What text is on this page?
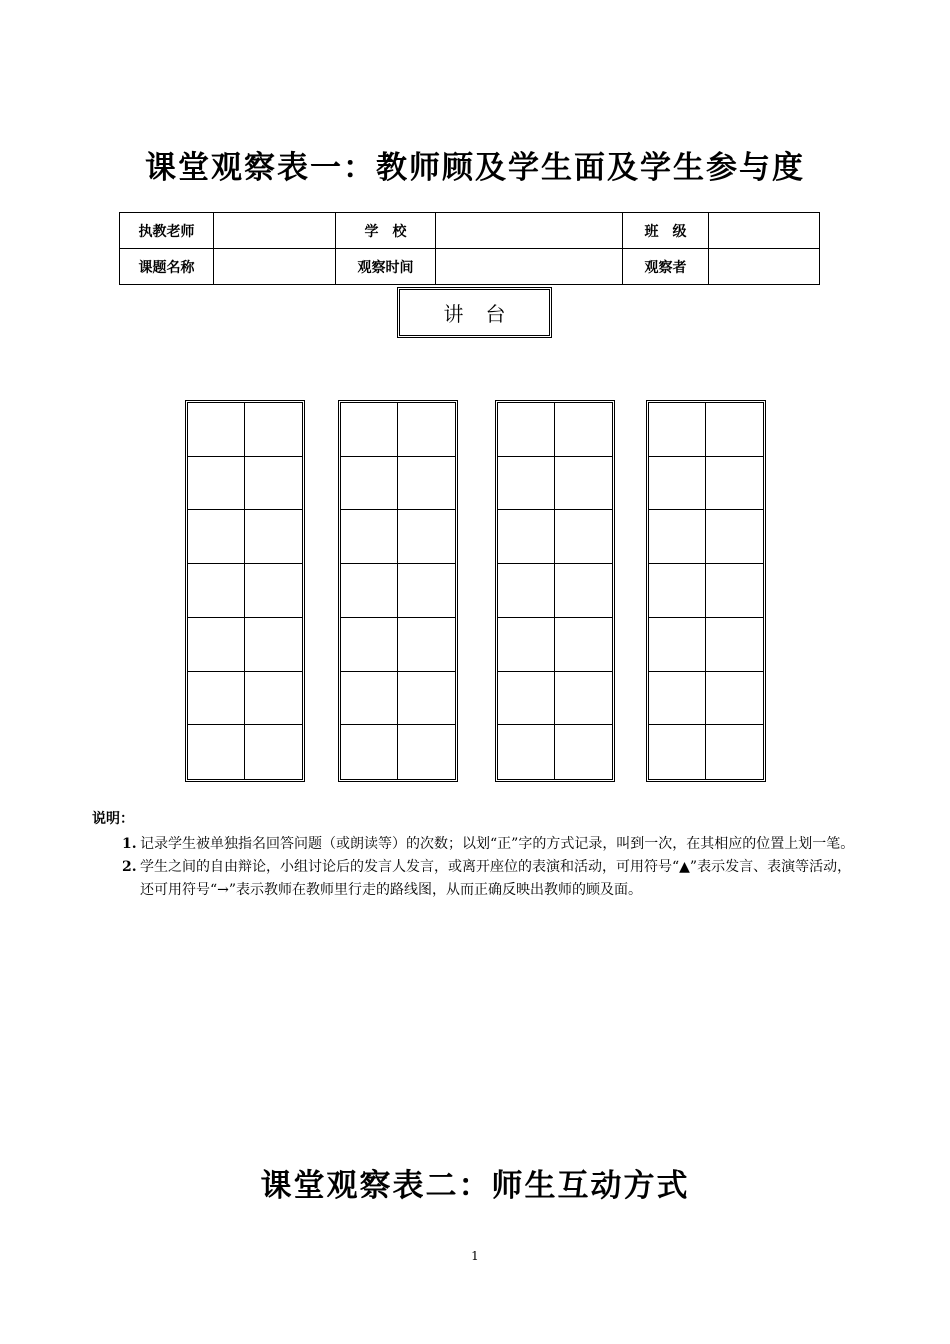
课堂观察表一：教师顾及学生面及学生参与度
执教老师		学　校		班　级	
课题名称		观察时间		观察者	
讲台
说明：
1. 记录学生被单独指名回答问题（或朗读等）的次数；以划“正”字的方式记录，叫到一次，在其相应的位置上划一笔。
2. 学生之间的自由辩论，小组讨论后的发言人发言，或离开座位的表演和活动，可用符号“▲”表示发言、表演等活动，还可用符号“→”表示教师在教师里行走的路线图，从而正确反映出教师的顾及面。
课堂观察表二：师生互动方式
1
